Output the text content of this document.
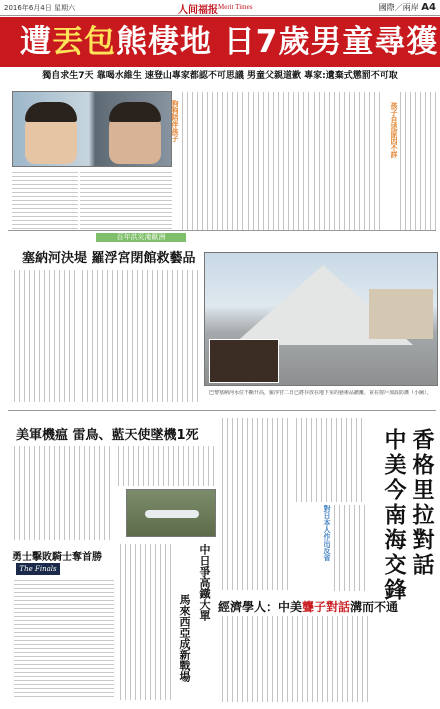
2016年6月4日 星期六	人间福报 Merit Times	國際／兩岸 A4
遭丟包熊棲地 日7歲男童尋獲
獨自求生7天 靠喝水維生 速登山專家都認不可思議 男童父親道歉 專家:遺棄式懲罰不可取
狗狗陪伴孩子	孩子自述原因不詳
百年洪災淹歐洲
塞納河決堤 羅浮宮閉館救藝品
巴黎塞納河水位不斷升高，羅浮宮二日已將存放在地下室的藝術品撤離，並在窗戶加設防護（小圖）。
美軍機瘟 雷鳥、藍天使墜機1死
勇士擊敗騎士奪首勝
The Finals	中日爭高鐵大單
馬來西亞成新戰場
香格里拉對話
中美今南海交鋒
對日本人作出反省
經濟學人：中美聾子對話溝而不通
